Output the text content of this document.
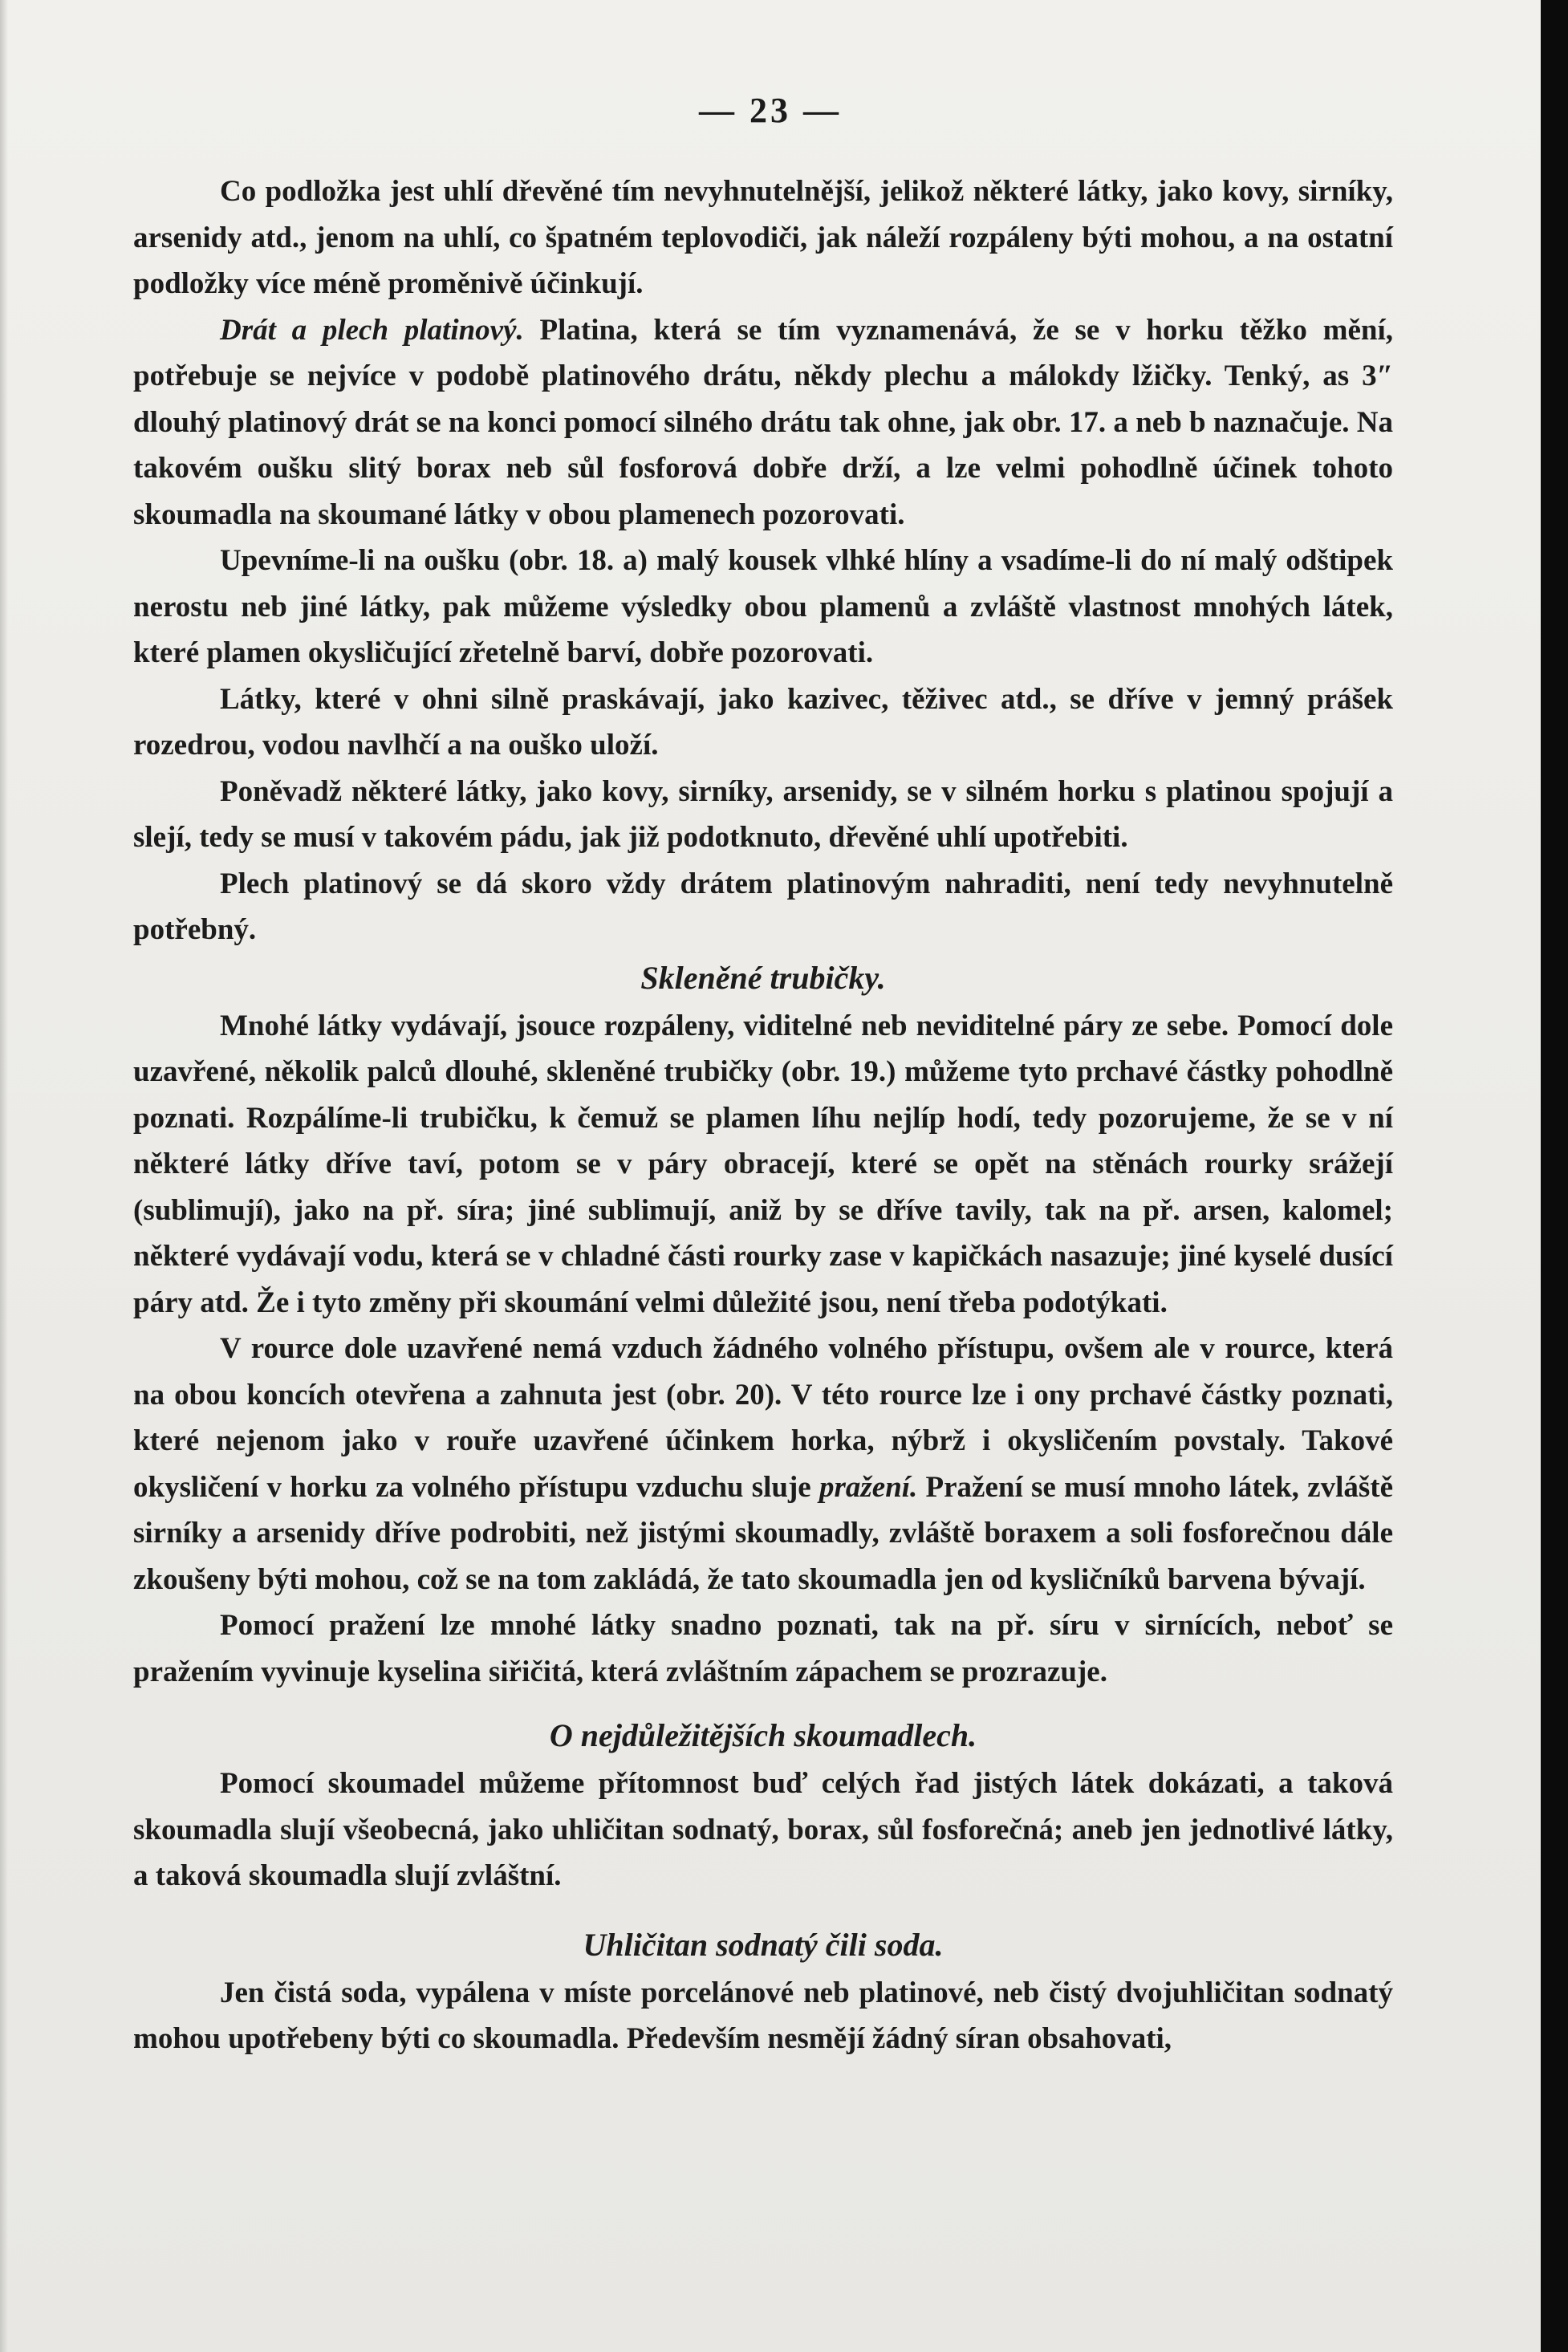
— 23 —

Co podložka jest uhlí dřevěné tím nevyhnutelnější, jelikož některé látky, jako kovy, sirníky, arsenidy atd., jenom na uhlí, co špatném teplovodiči, jak náleží rozpáleny býti mohou, a na ostatní podložky více méně proměnivě účinkují.

Drát a plech platinový. Platina, která se tím vyznamenává, že se v horku těžko mění, potřebuje se nejvíce v podobě platinového drátu, někdy plechu a málokdy lžičky. Tenký, as 3″ dlouhý platinový drát se na konci pomocí silného drátu tak ohne, jak obr. 17. a neb b naznačuje. Na takovém oušku slitý borax neb sůl fosforová dobře drží, a lze velmi pohodlně účinek tohoto skoumadla na skoumané látky v obou plamenech pozorovati.

Upevníme-li na oušku (obr. 18. a) malý kousek vlhké hlíny a vsadíme-li do ní malý odštipek nerostu neb jiné látky, pak můžeme výsledky obou plamenů a zvláště vlastnost mnohých látek, které plamen okysličující zřetelně barví, dobře pozorovati.

Látky, které v ohni silně praskávají, jako kazivec, těživec atd., se dříve v jemný prášek rozedrou, vodou navlhčí a na ouško uloží.

Poněvadž některé látky, jako kovy, sirníky, arsenidy, se v silném horku s platinou spojují a slejí, tedy se musí v takovém pádu, jak již podotknuto, dřevěné uhlí upotřebiti.

Plech platinový se dá skoro vždy drátem platinovým nahraditi, není tedy nevyhnutelně potřebný.

Skleněné trubičky.

Mnohé látky vydávají, jsouce rozpáleny, viditelné neb neviditelné páry ze sebe. Pomocí dole uzavřené, několik palců dlouhé, skleněné trubičky (obr. 19.) můžeme tyto prchavé částky pohodlně poznati. Rozpálíme-li trubičku, k čemuž se plamen líhu nejlíp hodí, tedy pozorujeme, že se v ní některé látky dříve taví, potom se v páry obracejí, které se opět na stěnách rourky srážejí (sublimují), jako na př. síra; jiné sublimují, aniž by se dříve tavily, tak na př. arsen, kalomel; některé vydávají vodu, která se v chladné části rourky zase v kapičkách nasazuje; jiné kyselé dusící páry atd. Že i tyto změny při skoumání velmi důležité jsou, není třeba podotýkati.

V rource dole uzavřené nemá vzduch žádného volného přístupu, ovšem ale v rource, která na obou koncích otevřena a zahnuta jest (obr. 20). V této rource lze i ony prchavé částky poznati, které nejenom jako v rouře uzavřené účinkem horka, nýbrž i okysličením povstaly. Takové okysličení v horku za volného přístupu vzduchu sluje pražení. Pražení se musí mnoho látek, zvláště sirníky a arsenidy dříve podrobiti, než jistými skoumadly, zvláště boraxem a soli fosforečnou dále zkoušeny býti mohou, což se na tom zakládá, že tato skoumadla jen od kysličníků barvena bývají.

Pomocí pražení lze mnohé látky snadno poznati, tak na př. síru v sirnících, neboť se pražením vyvinuje kyselina siřičitá, která zvláštním zápachem se prozrazuje.

O nejdůležitějších skoumadlech.

Pomocí skoumadel můžeme přítomnost buď celých řad jistých látek dokázati, a taková skoumadla slují všeobecná, jako uhličitan sodnatý, borax, sůl fosforečná; aneb jen jednotlivé látky, a taková skoumadla slují zvláštní.

Uhličitan sodnatý čili soda.

Jen čistá soda, vypálena v míste porcelánové neb platinové, neb čistý dvojuhličitan sodnatý mohou upotřebeny býti co skoumadla. Především nesmějí žádný síran obsahovati,
